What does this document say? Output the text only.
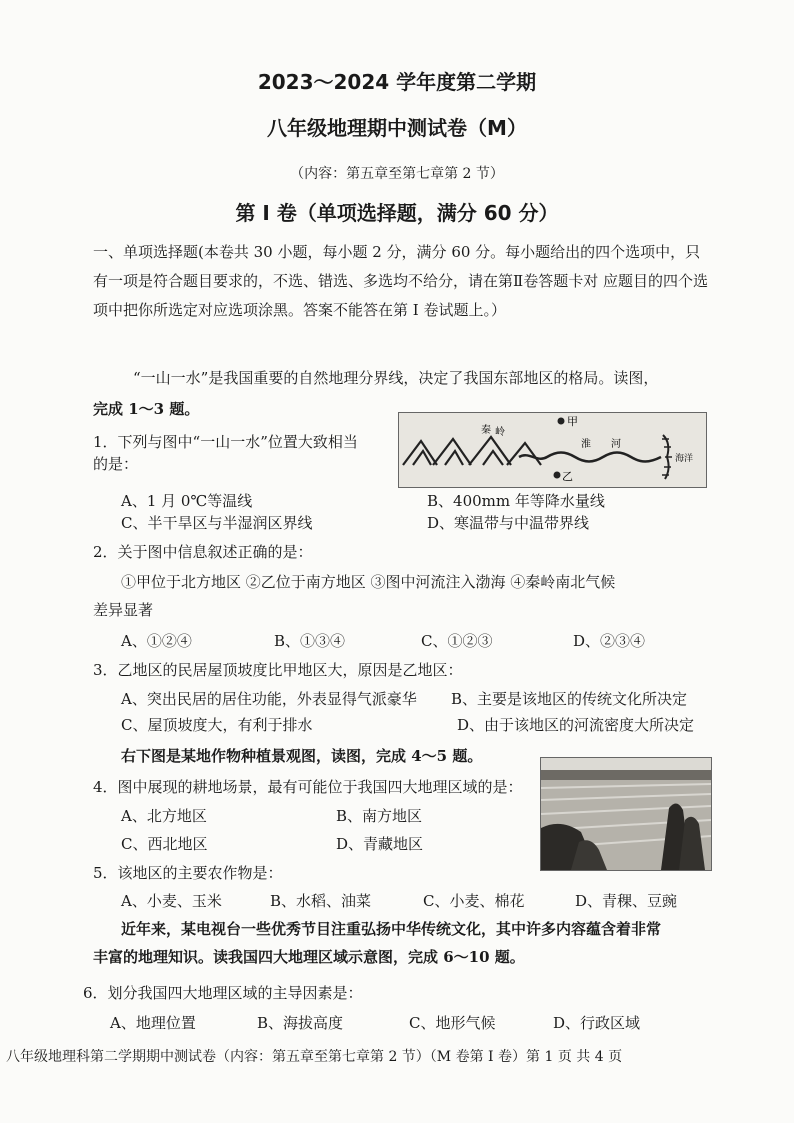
2023～2024 学年度第二学期
八年级地理期中测试卷（M）
（内容：第五章至第七章第 2 节）
第 I 卷（单项选择题，满分 60 分）
一、单项选择题(本卷共 30 小题，每小题 2 分，满分 60 分。每小题给出的四个选项中，只有一项是符合题目要求的，不选、错选、多选均不给分，请在第Ⅱ卷答题卡对 应题目的四个选项中把你所选定对应选项涂黑。答案不能答在第 I 卷试题上。）
“一山一水”是我国重要的自然地理分界线，决定了我国东部地区的格局。读图，
完成 1～3 题。
甲
乙
秦 岭
淮 河
海洋
1．下列与图中“一山一水”位置大致相当
的是：
A、1 月 0℃等温线	B、400mm 年等降水量线
C、半干旱区与半湿润区界线	D、寒温带与中温带界线
2．关于图中信息叙述正确的是：
①甲位于北方地区 ②乙位于南方地区 ③图中河流注入渤海 ④秦岭南北气候
差异显著
A、①②④	B、①③④	C、①②③	D、②③④
3．乙地区的民居屋顶坡度比甲地区大，原因是乙地区：
A、突出民居的居住功能，外表显得气派豪华 B、主要是该地区的传统文化所决定
C、屋顶坡度大，有利于排水	D、由于该地区的河流密度大所决定
右下图是某地作物种植景观图，读图，完成 4～5 题。
4．图中展现的耕地场景，最有可能位于我国四大地理区域的是：
A、北方地区	B、南方地区
C、西北地区	D、青藏地区
5．该地区的主要农作物是：
A、小麦、玉米	B、水稻、油菜	C、小麦、棉花	D、青稞、豆豌
近年来，某电视台一些优秀节目注重弘扬中华传统文化，其中许多内容蕴含着非常
丰富的地理知识。读我国四大地理区域示意图，完成 6～10 题。
6．划分我国四大地理区域的主导因素是：
A、地理位置	B、海拔高度	C、地形气候	D、行政区域
八年级地理科第二学期期中测试卷（内容：第五章至第七章第 2 节）（M 卷第 I 卷）第 1 页 共 4 页
